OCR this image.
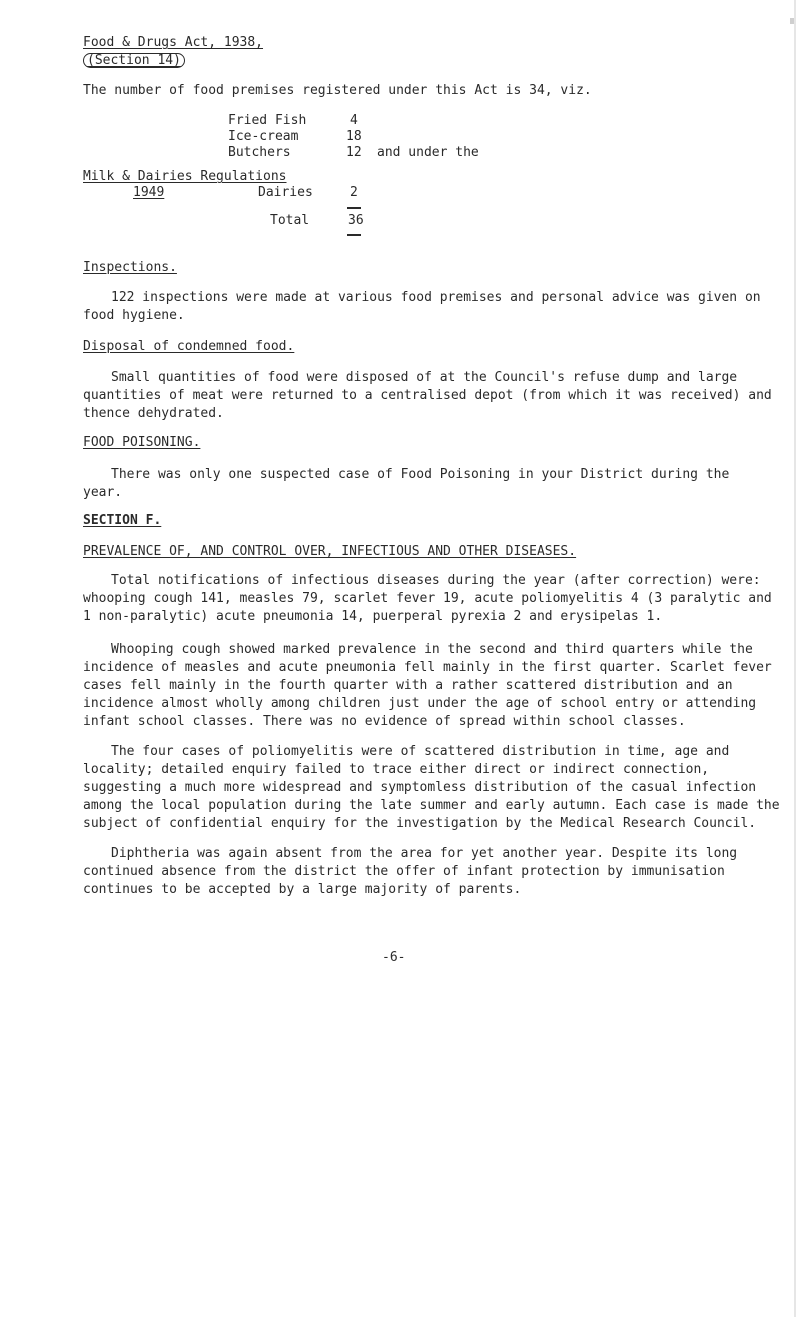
Food & Drugs Act, 1938,
(Section 14)
The number of food premises registered under this Act is 34, viz.
Fried Fish	4
Ice-cream	18
Butchers	12 and under the
Milk & Dairies Regulations
1949	Dairies	2
Total	36
Inspections.
122 inspections were made at various food premises and personal advice was given on food hygiene.
Disposal of condemned food.
Small quantities of food were disposed of at the Council's refuse dump and large quantities of meat were returned to a centralised depot (from which it was received) and thence dehydrated.
FOOD POISONING.
There was only one suspected case of Food Poisoning in your District during the year.
SECTION F.
PREVALENCE OF, AND CONTROL OVER, INFECTIOUS AND OTHER DISEASES.
Total notifications of infectious diseases during the year (after correction) were: whooping cough 141, measles 79, scarlet fever 19, acute poliomyelitis 4 (3 paralytic and 1 non-paralytic) acute pneumonia 14, puerperal pyrexia 2 and erysipelas 1.
Whooping cough showed marked prevalence in the second and third quarters while the incidence of measles and acute pneumonia fell mainly in the first quarter. Scarlet fever cases fell mainly in the fourth quarter with a rather scattered distribution and an incidence almost wholly among children just under the age of school entry or attending infant school classes. There was no evidence of spread within school classes.
The four cases of poliomyelitis were of scattered distribution in time, age and locality; detailed enquiry failed to trace either direct or indirect connection, suggesting a much more widespread and symptomless distribution of the casual infection among the local population during the late summer and early autumn. Each case is made the subject of confidential enquiry for the investigation by the Medical Research Council.
Diphtheria was again absent from the area for yet another year. Despite its long continued absence from the district the offer of infant protection by immunisation continues to be accepted by a large majority of parents.
-6-
